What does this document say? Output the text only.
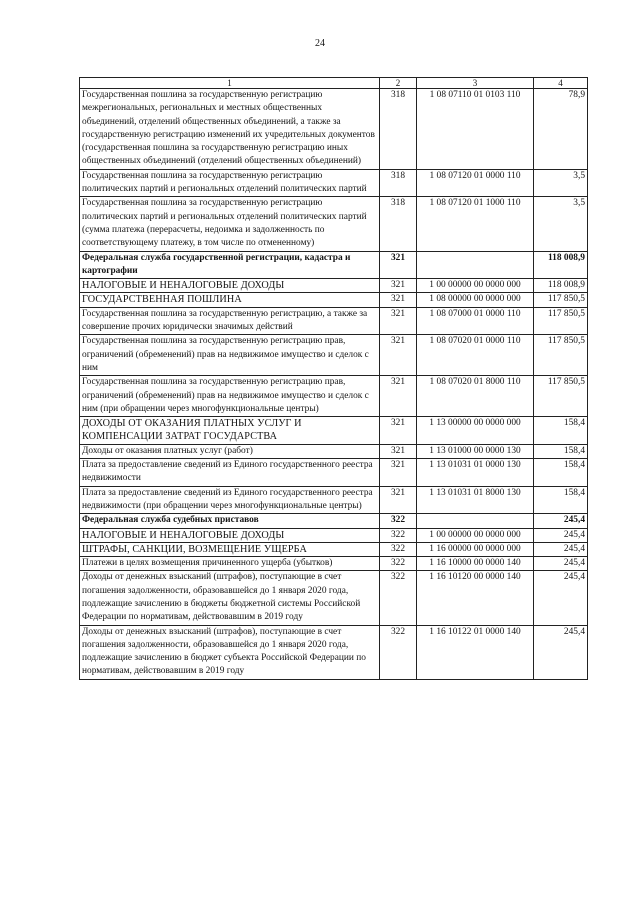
24
1	2	3	4
Государственная пошлина за государственную регистрацию межрегиональных, региональных и местных общественных объединений, отделений общественных объединений, а также за государственную регистрацию изменений их учредительных документов (государственная пошлина за государственную регистрацию иных общественных объединений (отделений общественных объединений)	318	1 08 07110 01 0103 110	78,9
Государственная пошлина за государственную регистрацию политических партий и региональных отделений политических партий	318	1 08 07120 01 0000 110	3,5
Государственная пошлина за государственную регистрацию политических партий и региональных отделений политических партий (сумма платежа (перерасчеты, недоимка и задолженность по соответствующему платежу, в том числе по отмененному)	318	1 08 07120 01 1000 110	3,5
Федеральная служба государственной регистрации, кадастра и картографии	321		118 008,9
НАЛОГОВЫЕ И НЕНАЛОГОВЫЕ ДОХОДЫ	321	1 00 00000 00 0000 000	118 008,9
ГОСУДАРСТВЕННАЯ ПОШЛИНА	321	1 08 00000 00 0000 000	117 850,5
Государственная пошлина за государственную регистрацию, а также за совершение прочих юридически значимых действий	321	1 08 07000 01 0000 110	117 850,5
Государственная пошлина за государственную регистрацию прав, ограничений (обременений) прав на недвижимое имущество и сделок с ним	321	1 08 07020 01 0000 110	117 850,5
Государственная пошлина за государственную регистрацию прав, ограничений (обременений) прав на недвижимое имущество и сделок с ним (при обращении через многофункциональные центры)	321	1 08 07020 01 8000 110	117 850,5
ДОХОДЫ ОТ ОКАЗАНИЯ ПЛАТНЫХ УСЛУГ И КОМПЕНСАЦИИ ЗАТРАТ ГОСУДАРСТВА	321	1 13 00000 00 0000 000	158,4
Доходы от оказания платных услуг (работ)	321	1 13 01000 00 0000 130	158,4
Плата за предоставление сведений из Единого государственного реестра недвижимости	321	1 13 01031 01 0000 130	158,4
Плата за предоставление сведений из Единого государственного реестра недвижимости (при обращении через многофункциональные центры)	321	1 13 01031 01 8000 130	158,4
Федеральная служба судебных приставов	322		245,4
НАЛОГОВЫЕ И НЕНАЛОГОВЫЕ ДОХОДЫ	322	1 00 00000 00 0000 000	245,4
ШТРАФЫ, САНКЦИИ, ВОЗМЕЩЕНИЕ УЩЕРБА	322	1 16 00000 00 0000 000	245,4
Платежи в целях возмещения причиненного ущерба (убытков)	322	1 16 10000 00 0000 140	245,4
Доходы от денежных взысканий (штрафов), поступающие в счет погашения задолженности, образовавшейся до 1 января 2020 года, подлежащие зачислению в бюджеты бюджетной системы Российской Федерации по нормативам, действовавшим в 2019 году	322	1 16 10120 00 0000 140	245,4
Доходы от денежных взысканий (штрафов), поступающие в счет погашения задолженности, образовавшейся до 1 января 2020 года, подлежащие зачислению в бюджет субъекта Российской Федерации по нормативам, действовавшим в 2019 году	322	1 16 10122 01 0000 140	245,4
